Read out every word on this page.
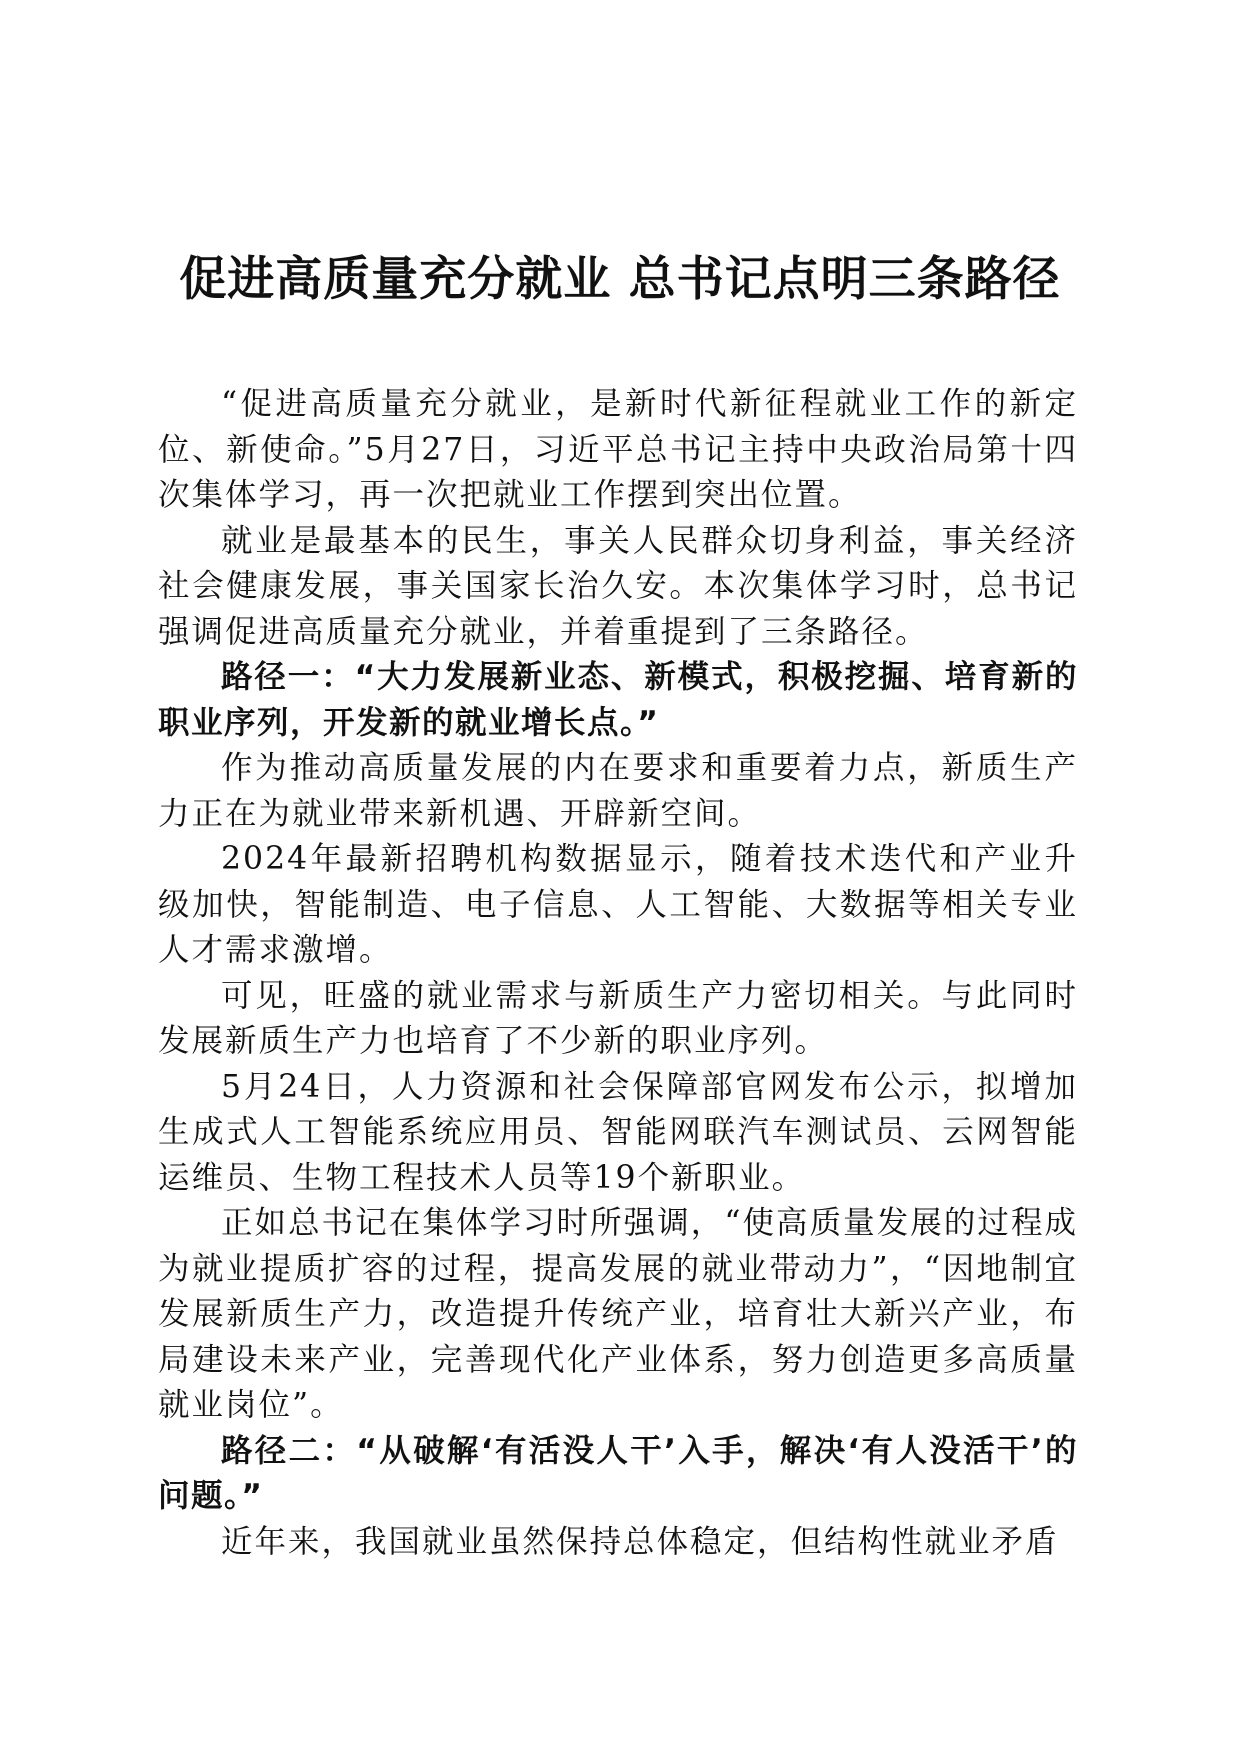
促进高质量充分就业 总书记点明三条路径

“促进高质量充分就业，是新时代新征程就业工作的新定位、新使命。”5月27日，习近平总书记主持中央政治局第十四次集体学习，再一次把就业工作摆到突出位置。

就业是最基本的民生，事关人民群众切身利益，事关经济社会健康发展，事关国家长治久安。本次集体学习时，总书记强调促进高质量充分就业，并着重提到了三条路径。

路径一：“大力发展新业态、新模式，积极挖掘、培育新的职业序列，开发新的就业增长点。”

作为推动高质量发展的内在要求和重要着力点，新质生产力正在为就业带来新机遇、开辟新空间。

2024年最新招聘机构数据显示，随着技术迭代和产业升级加快，智能制造、电子信息、人工智能、大数据等相关专业人才需求激增。

可见，旺盛的就业需求与新质生产力密切相关。与此同时发展新质生产力也培育了不少新的职业序列。

5月24日，人力资源和社会保障部官网发布公示，拟增加生成式人工智能系统应用员、智能网联汽车测试员、云网智能运维员、生物工程技术人员等19个新职业。

正如总书记在集体学习时所强调，“使高质量发展的过程成为就业提质扩容的过程，提高发展的就业带动力”，“因地制宜发展新质生产力，改造提升传统产业，培育壮大新兴产业，布局建设未来产业，完善现代化产业体系，努力创造更多高质量就业岗位”。

路径二：“从破解‘有活没人干’入手，解决‘有人没活干’的问题。”

近年来，我国就业虽然保持总体稳定，但结构性就业矛盾
